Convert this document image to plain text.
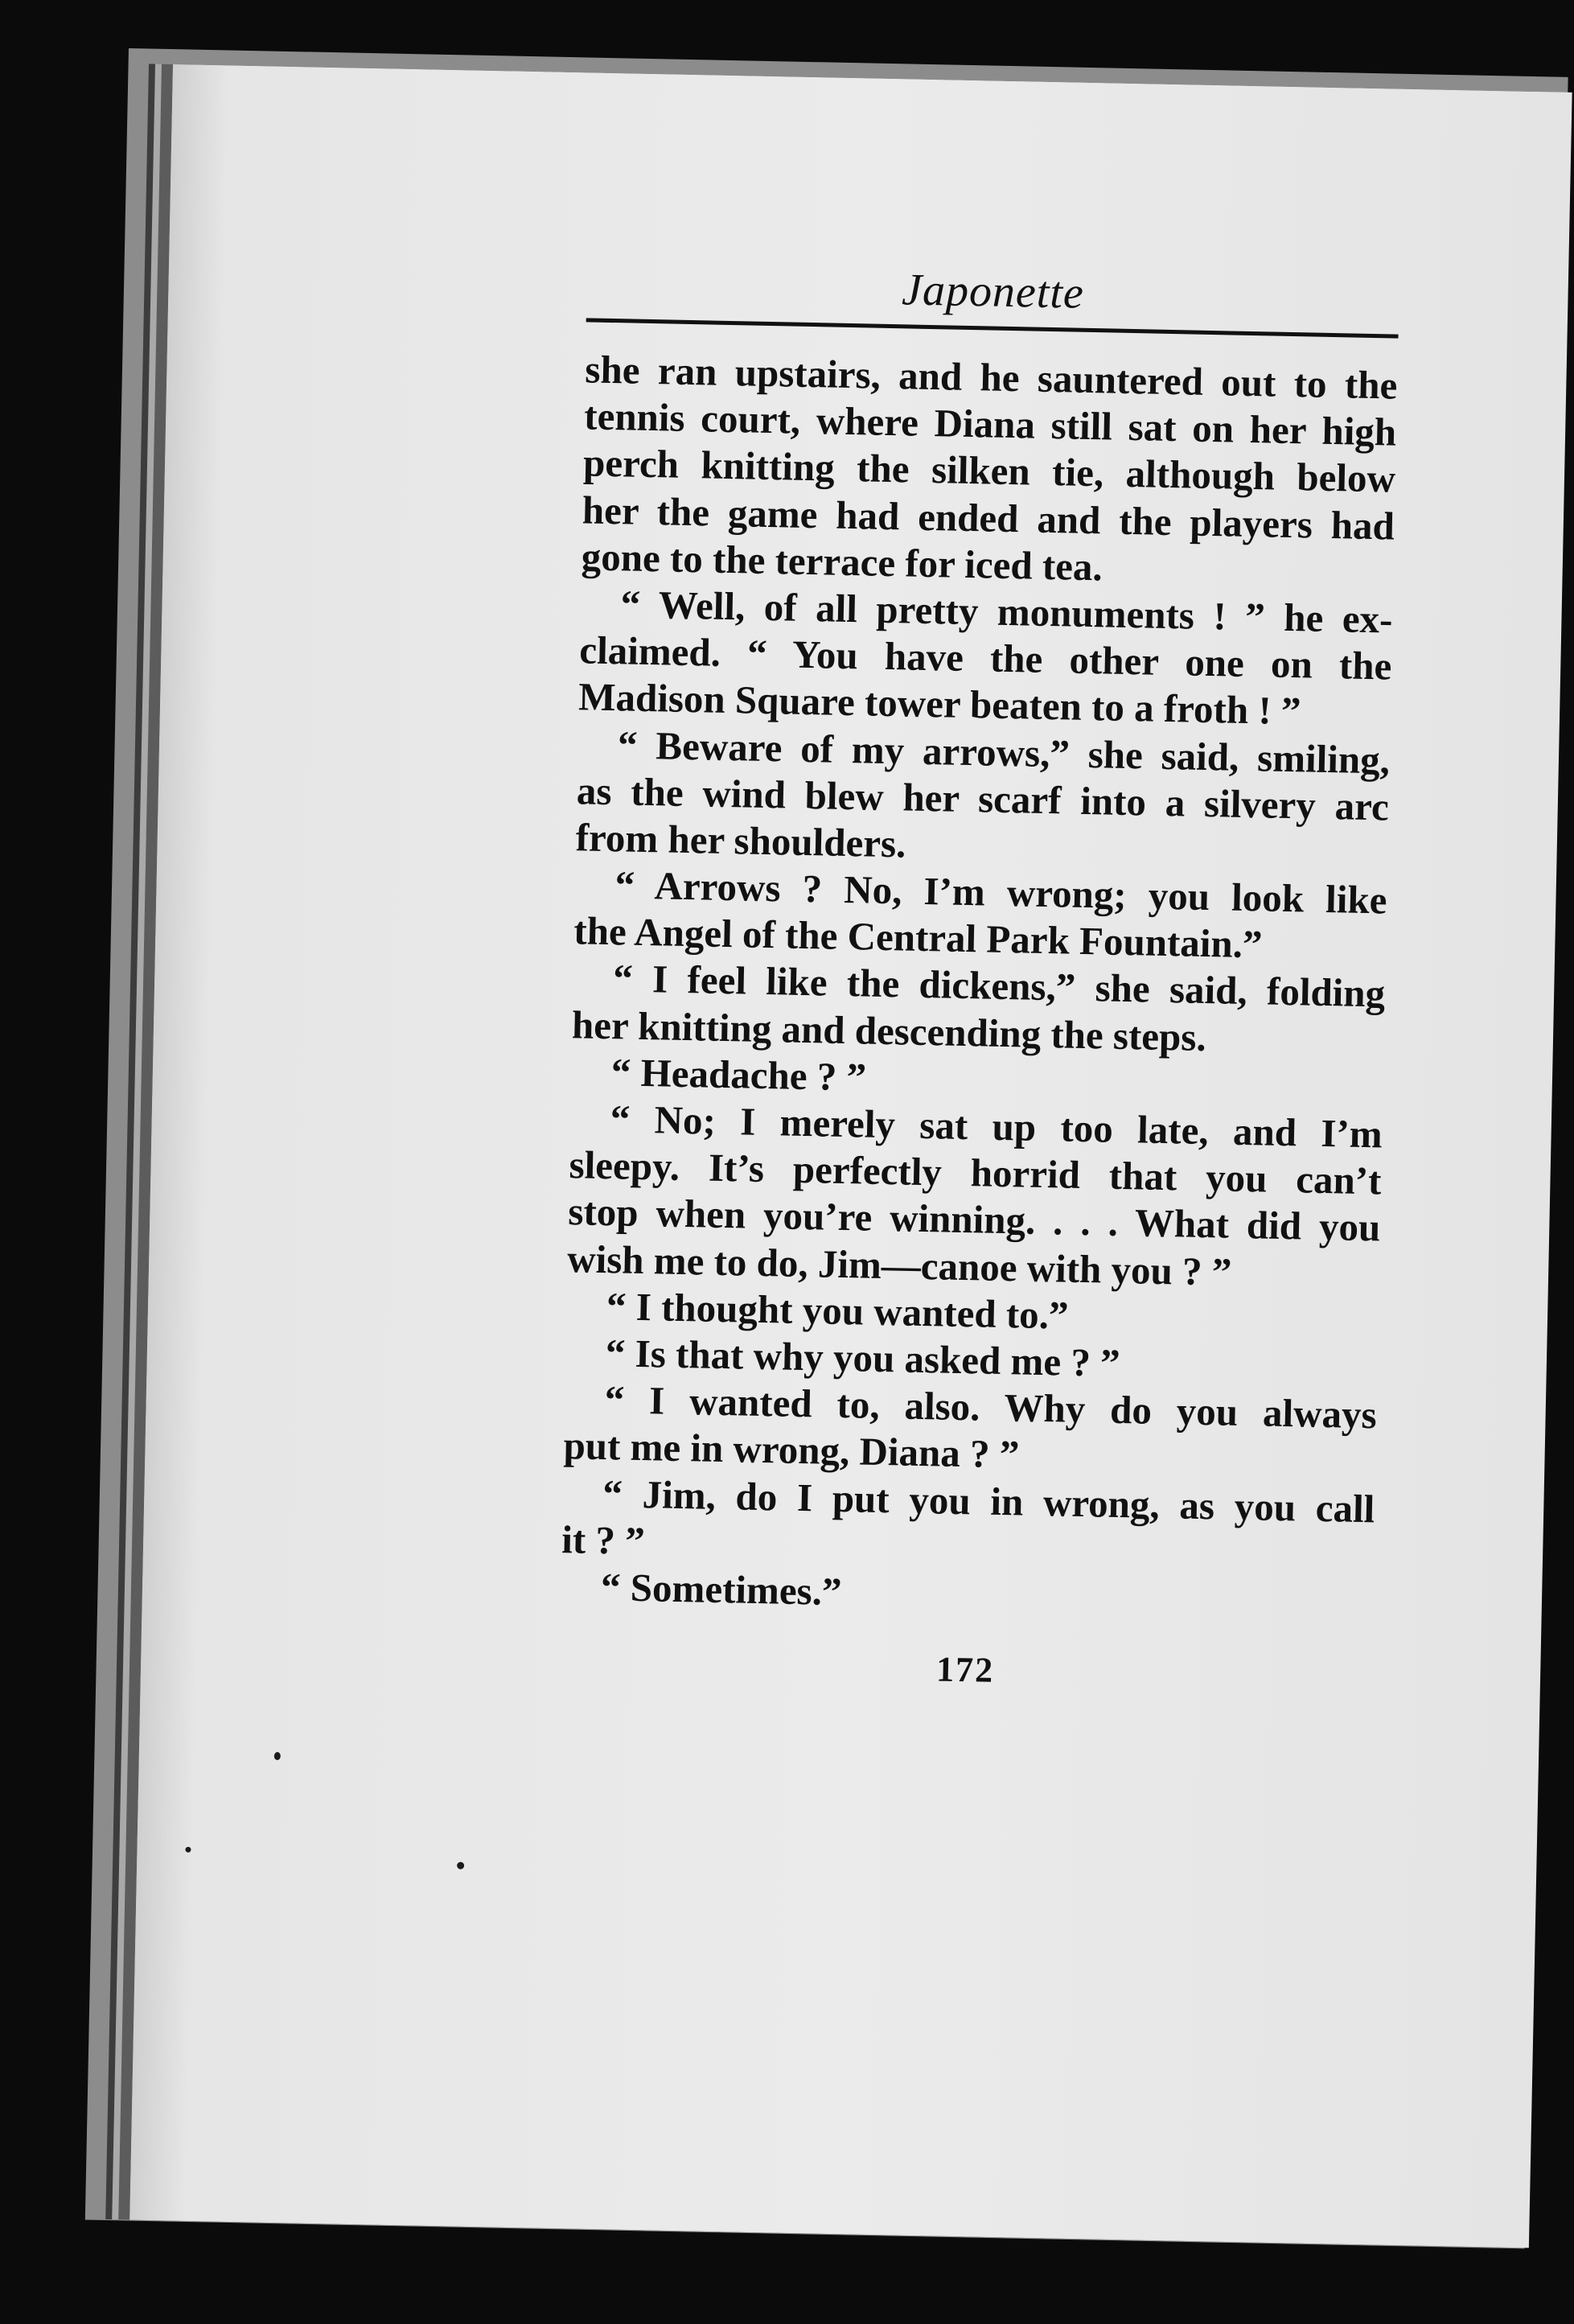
Japonette
she ran upstairs, and he sauntered out to the
tennis court, where Diana still sat on her high
perch knitting the silken tie, although below
her the game had ended and the players had
gone to the terrace for iced tea.
“ Well, of all pretty monuments ! ” he ex-
claimed. “ You have the other one on the
Madison Square tower beaten to a froth ! ”
“ Beware of my arrows,” she said, smiling,
as the wind blew her scarf into a silvery arc
from her shoulders.
“ Arrows ? No, I’m wrong; you look like
the Angel of the Central Park Fountain.”
“ I feel like the dickens,” she said, folding
her knitting and descending the steps.
“ Headache ? ”
“ No; I merely sat up too late, and I’m
sleepy. It’s perfectly horrid that you can’t
stop when you’re winning. . . . What did you
wish me to do, Jim—canoe with you ? ”
“ I thought you wanted to.”
“ Is that why you asked me ? ”
“ I wanted to, also. Why do you always
put me in wrong, Diana ? ”
“ Jim, do I put you in wrong, as you call
it ? ”
“ Sometimes.”
172
